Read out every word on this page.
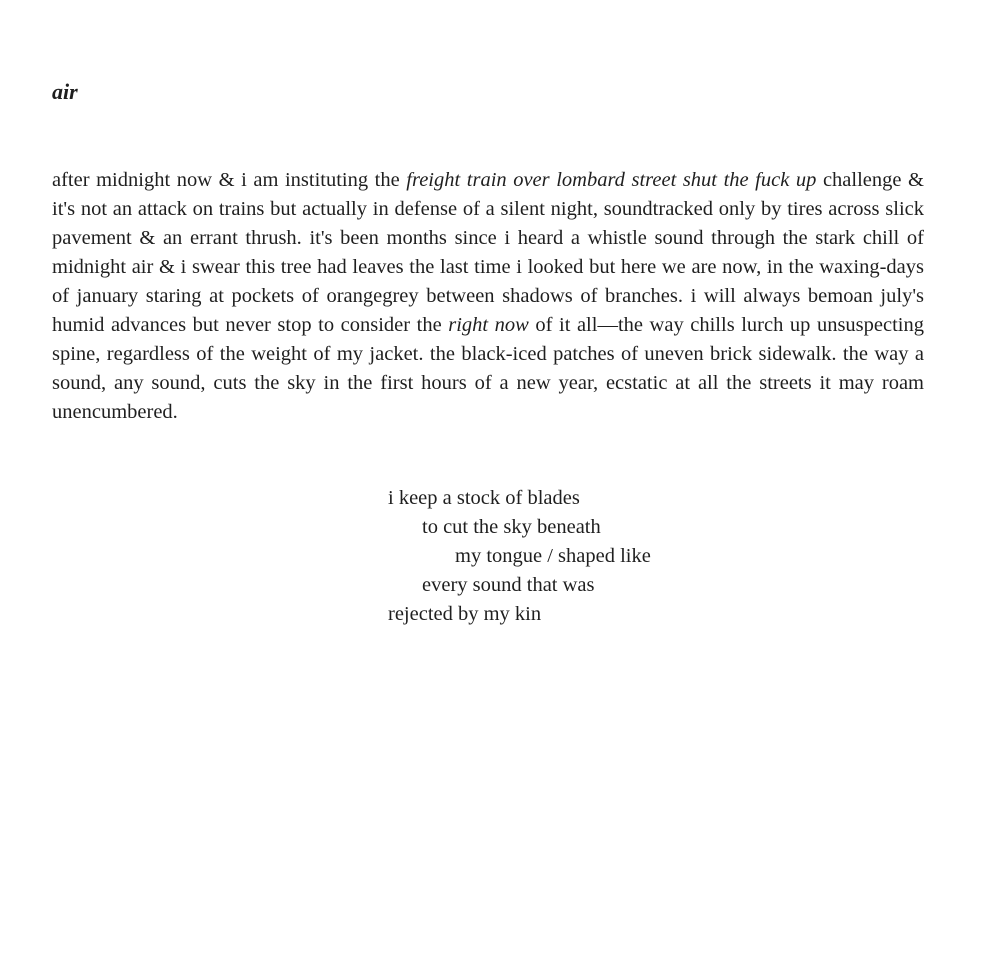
air

after midnight now & i am instituting the freight train over lombard street shut the fuck up challenge & it's not an attack on trains but actually in defense of a silent night, soundtracked only by tires across slick pavement & an errant thrush. it's been months since i heard a whistle sound through the stark chill of midnight air & i swear this tree had leaves the last time i looked but here we are now, in the waxing-days of january staring at pockets of orangegrey between shadows of branches. i will always bemoan july's humid advances but never stop to consider the right now of it all—the way chills lurch up unsuspecting spine, regardless of the weight of my jacket. the black-iced patches of uneven brick sidewalk. the way a sound, any sound, cuts the sky in the first hours of a new year, ecstatic at all the streets it may roam unencumbered.

i keep a stock of blades
to cut the sky beneath
my tongue / shaped like
every sound that was
rejected by my kin
